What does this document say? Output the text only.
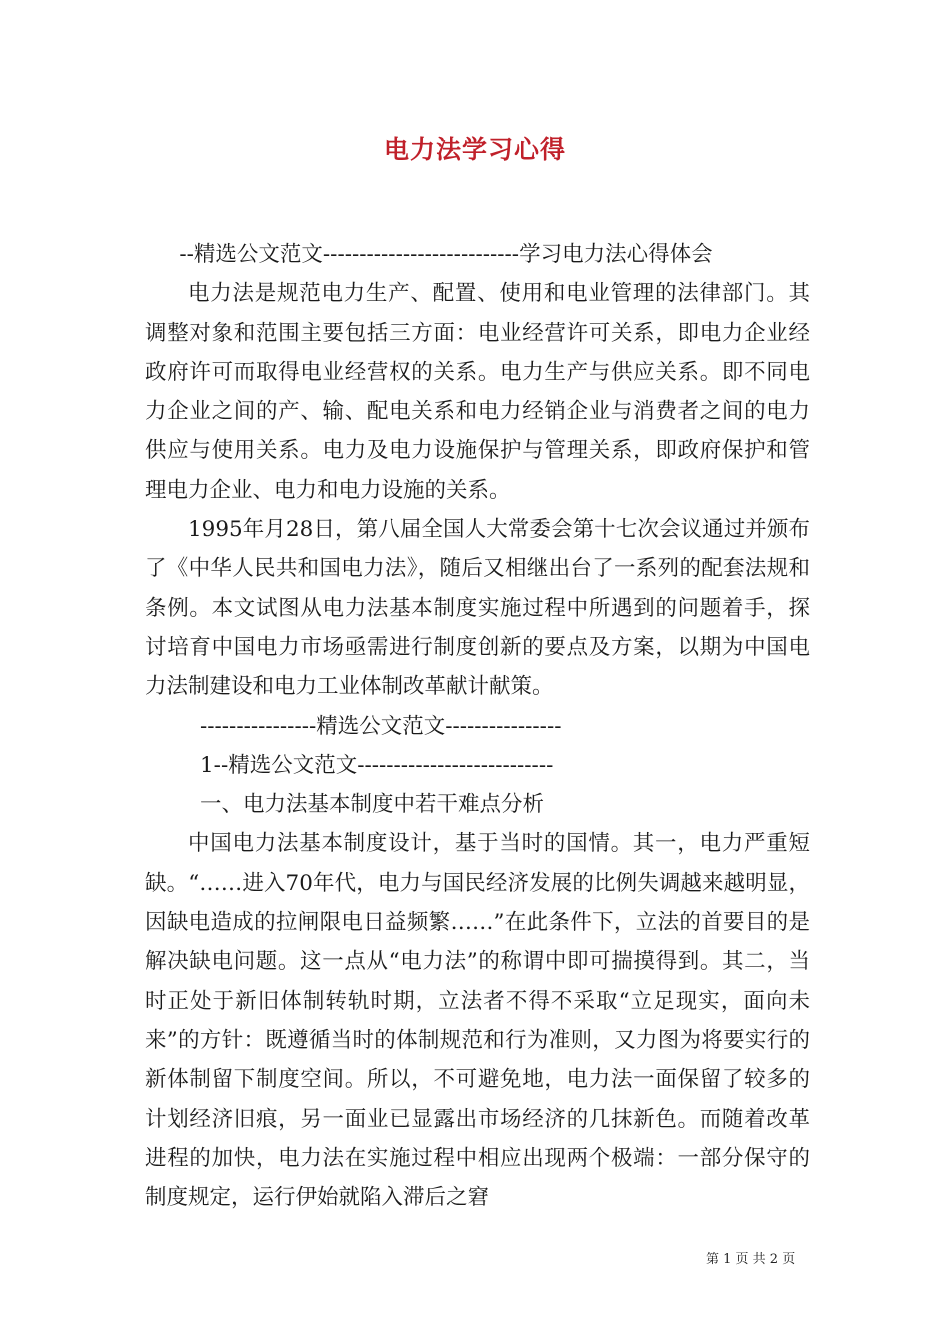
电力法学习心得

--精选公文范文---------------------------学习电力法心得体会

电力法是规范电力生产、配置、使用和电业管理的法律部门。其调整对象和范围主要包括三方面：电业经营许可关系，即电力企业经政府许可而取得电业经营权的关系。电力生产与供应关系。即不同电力企业之间的产、输、配电关系和电力经销企业与消费者之间的电力供应与使用关系。电力及电力设施保护与管理关系，即政府保护和管理电力企业、电力和电力设施的关系。

1995年月28日，第八届全国人大常委会第十七次会议通过并颁布了《中华人民共和国电力法》，随后又相继出台了一系列的配套法规和条例。本文试图从电力法基本制度实施过程中所遇到的问题着手，探讨培育中国电力市场亟需进行制度创新的要点及方案，以期为中国电力法制建设和电力工业体制改革献计献策。

----------------精选公文范文----------------

1--精选公文范文---------------------------

一、电力法基本制度中若干难点分析

中国电力法基本制度设计，基于当时的国情。其一，电力严重短缺。“……进入70年代，电力与国民经济发展的比例失调越来越明显，因缺电造成的拉闸限电日益频繁……”在此条件下，立法的首要目的是解决缺电问题。这一点从“电力法”的称谓中即可揣摸得到。其二，当时正处于新旧体制转轨时期，立法者不得不采取“立足现实，面向未来”的方针：既遵循当时的体制规范和行为准则，又力图为将要实行的新体制留下制度空间。所以，不可避免地，电力法一面保留了较多的计划经济旧痕，另一面业已显露出市场经济的几抹新色。而随着改革进程的加快，电力法在实施过程中相应出现两个极端：一部分保守的制度规定，运行伊始就陷入滞后之窘

第 1 页 共 2 页
